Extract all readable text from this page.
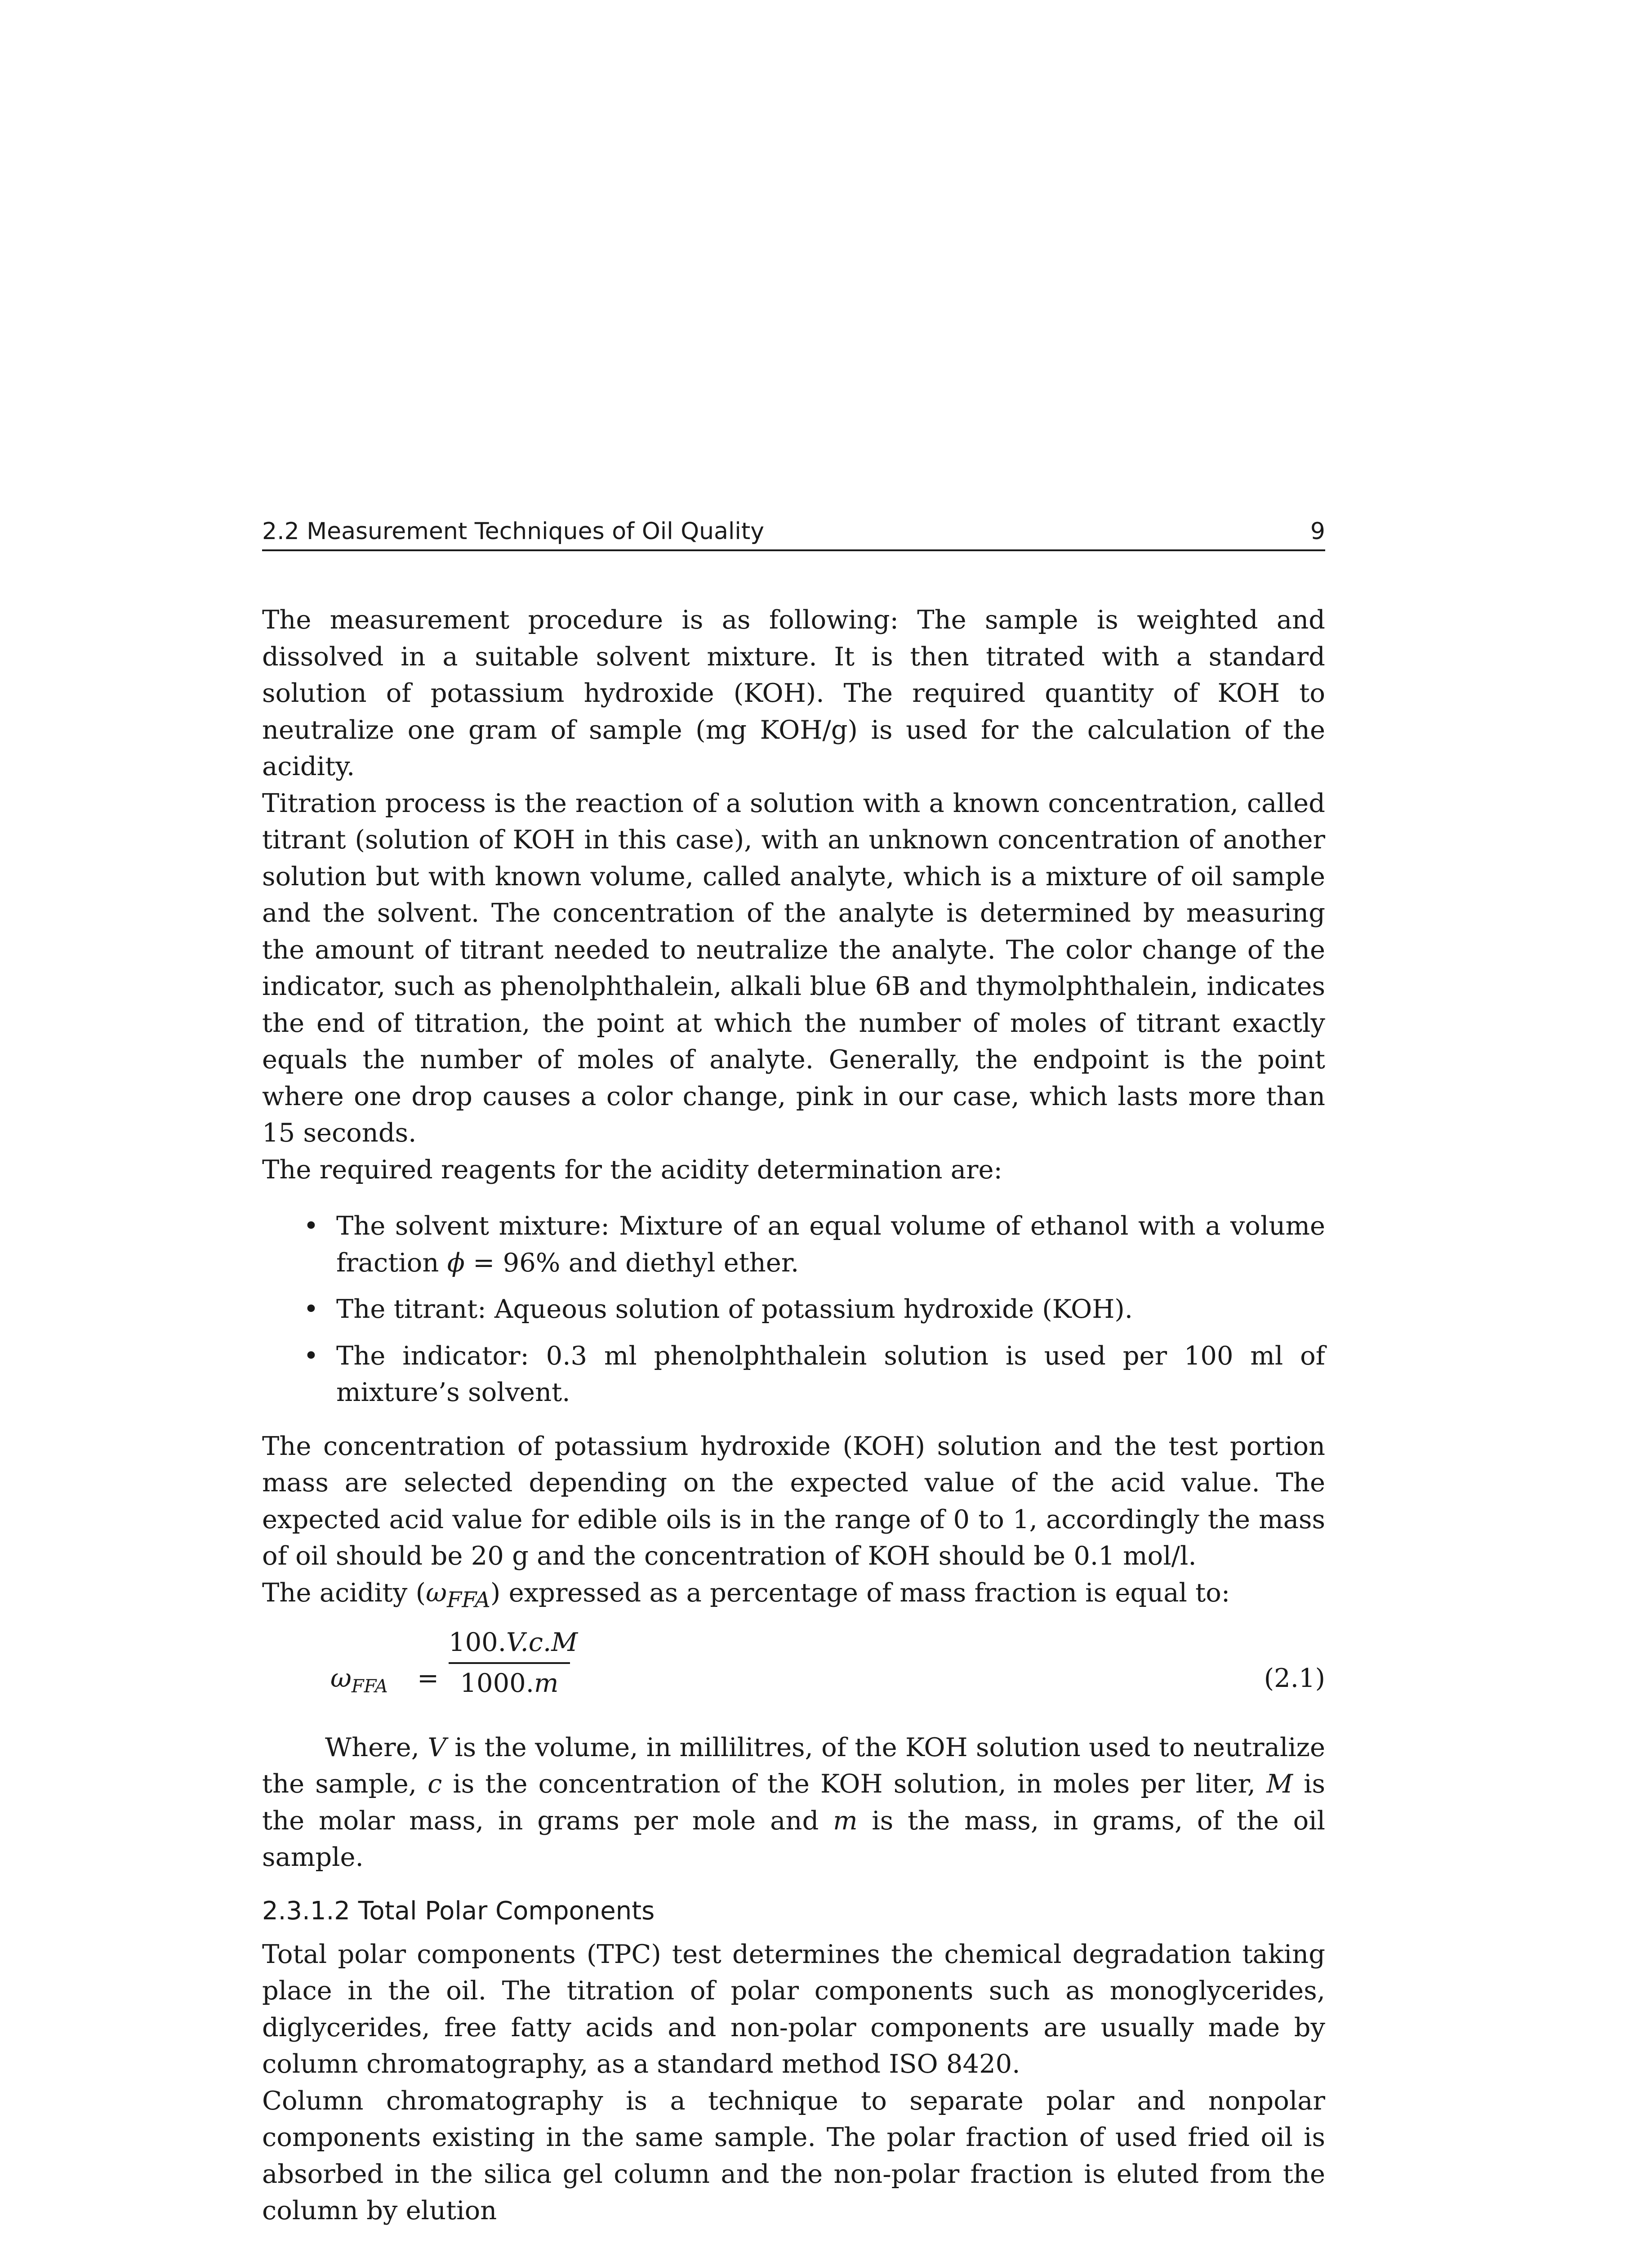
2.2 Measurement Techniques of Oil Quality	9

The measurement procedure is as following: The sample is weighted and dissolved in a suitable solvent mixture. It is then titrated with a standard solution of potassium hydroxide (KOH). The required quantity of KOH to neutralize one gram of sample (mg KOH/g) is used for the calculation of the acidity.

Titration process is the reaction of a solution with a known concentration, called titrant (solution of KOH in this case), with an unknown concentration of another solution but with known volume, called analyte, which is a mixture of oil sample and the solvent. The concentration of the analyte is determined by measuring the amount of titrant needed to neutralize the analyte. The color change of the indicator, such as phenolphthalein, alkali blue 6B and thymolphthalein, indicates the end of titration, the point at which the number of moles of titrant exactly equals the number of moles of analyte. Generally, the endpoint is the point where one drop causes a color change, pink in our case, which lasts more than 15 seconds.

The required reagents for the acidity determination are:

• The solvent mixture: Mixture of an equal volume of ethanol with a volume fraction ϕ = 96% and diethyl ether.
• The titrant: Aqueous solution of potassium hydroxide (KOH).
• The indicator: 0.3 ml phenolphthalein solution is used per 100 ml of mixture’s solvent.

The concentration of potassium hydroxide (KOH) solution and the test portion mass are selected depending on the expected value of the acid value. The expected acid value for edible oils is in the range of 0 to 1, accordingly the mass of oil should be 20 g and the concentration of KOH should be 0.1 mol/l.

The acidity $(\omega_{FFA})$ expressed as a percentage of mass fraction is equal to:

$\omega_{FFA} = \frac{100.V.c.M}{1000.m}$	(2.1)

Where, V is the volume, in millilitres, of the KOH solution used to neutralize the sample, c is the concentration of the KOH solution, in moles per liter, M is the molar mass, in grams per mole and m is the mass, in grams, of the oil sample.

2.3.1.2 Total Polar Components

Total polar components (TPC) test determines the chemical degradation taking place in the oil. The titration of polar components such as monoglycerides, diglycerides, free fatty acids and non-polar components are usually made by column chromatography, as a standard method ISO 8420.

Column chromatography is a technique to separate polar and nonpolar components existing in the same sample. The polar fraction of used fried oil is absorbed in the silica gel column and the non-polar fraction is eluted from the column by elution
